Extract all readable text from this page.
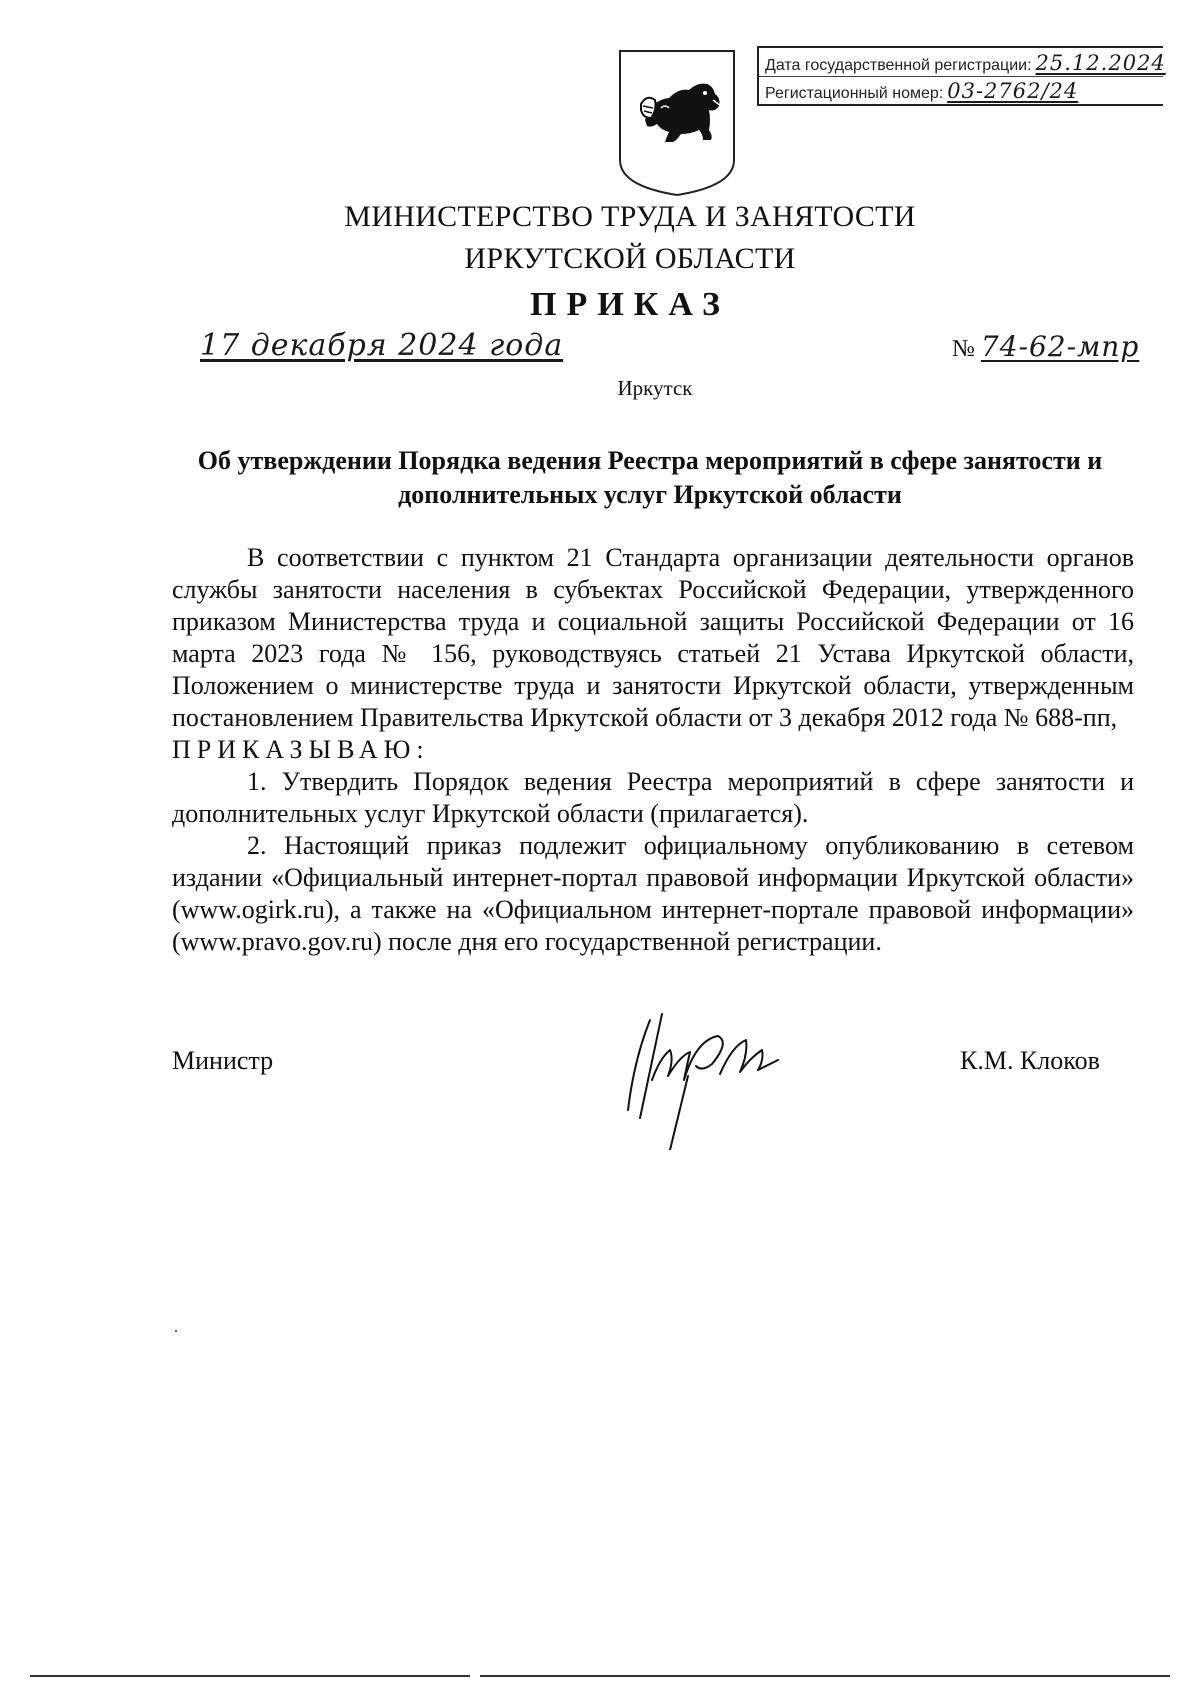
Дата государственной регистрации: 25.12.2024
Регистационный номер: 03-2762/24
МИНИСТЕРСТВО ТРУДА И ЗАНЯТОСТИ
ИРКУТСКОЙ ОБЛАСТИ
ПРИКАЗ
17 декабря 2024 года	№ 74-62-мпр
Иркутск
Об утверждении Порядка ведения Реестра мероприятий в сфере занятости и дополнительных услуг Иркутской области

В соответствии с пунктом 21 Стандарта организации деятельности органов службы занятости населения в субъектах Российской Федерации, утвержденного приказом Министерства труда и социальной защиты Российской Федерации от 16 марта 2023 года № 156, руководствуясь статьей 21 Устава Иркутской области, Положением о министерстве труда и занятости Иркутской области, утвержденным постановлением Правительства Иркутской области от 3 декабря 2012 года № 688-пп,

ПРИКАЗЫВАЮ:

1. Утвердить Порядок ведения Реестра мероприятий в сфере занятости и дополнительных услуг Иркутской области (прилагается).

2. Настоящий приказ подлежит официальному опубликованию в сетевом издании «Официальный интернет-портал правовой информации Иркутской области» (www.ogirk.ru), а также на «Официальном интернет-портале правовой информации» (www.pravo.gov.ru) после дня его государственной регистрации.

Министр	К.М. Клоков
